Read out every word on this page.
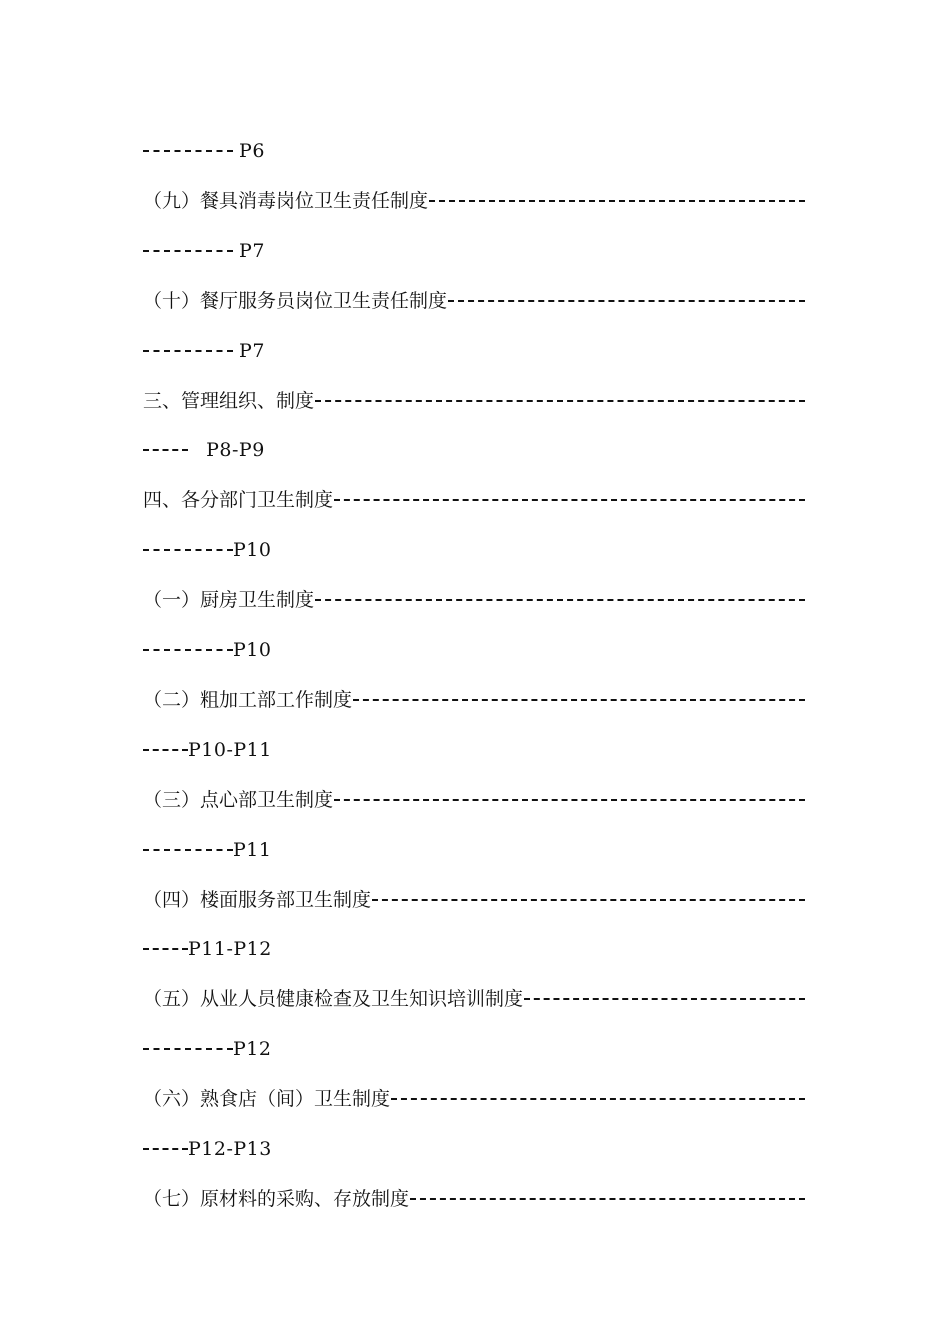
P6
（九）餐具消毒岗位卫生责任制度

P7
（十）餐厅服务员岗位卫生责任制度

P7
三、管理组织、制度

P8-P9
四、各分部门卫生制度
P10
（一）厨房卫生制度
P10
（二）粗加工部工作制度
P10-P11
（三）点心部卫生制度
P11
（四）楼面服务部卫生制度
P11-P12
（五）从业人员健康检查及卫生知识培训制度
P12
（六）熟食店（间）卫生制度
P12-P13
（七）原材料的采购、存放制度
